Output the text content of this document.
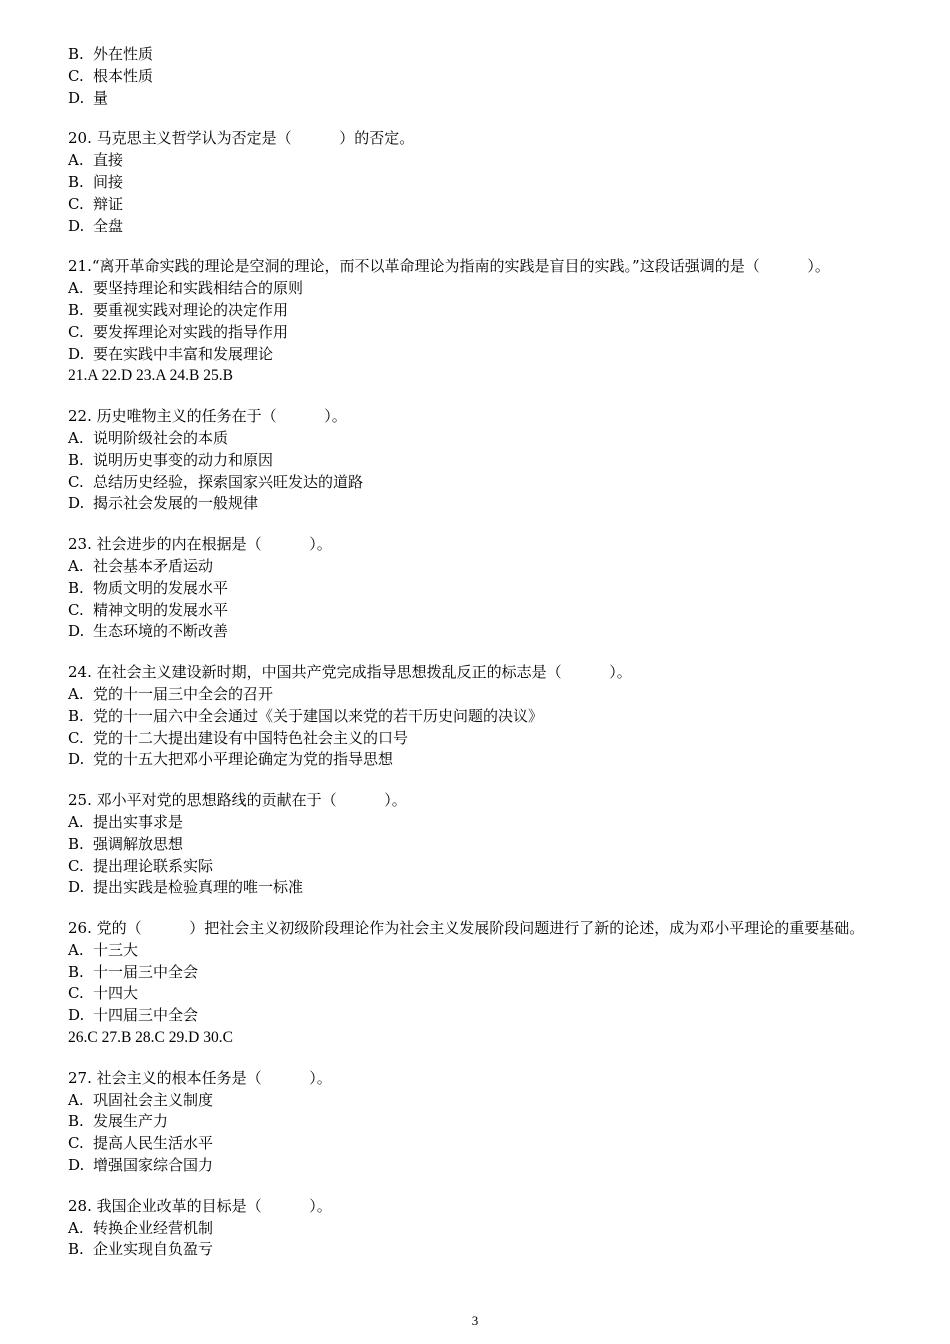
B. 外在性质

C. 根本性质

D. 量

20. 马克思主义哲学认为否定是（          ）的否定。

A. 直接

B. 间接

C. 辩证

D. 全盘

21.“离开革命实践的理论是空洞的理论，而不以革命理论为指南的实践是盲目的实践。”这段话强调的是（          ）。

A. 要坚持理论和实践相结合的原则

B. 要重视实践对理论的决定作用

C. 要发挥理论对实践的指导作用

D. 要在实践中丰富和发展理论

21.A 22.D 23.A 24.B 25.B

22. 历史唯物主义的任务在于（          ）。

A. 说明阶级社会的本质

B. 说明历史事变的动力和原因

C. 总结历史经验，探索国家兴旺发达的道路

D. 揭示社会发展的一般规律

23. 社会进步的内在根据是（          ）。

A. 社会基本矛盾运动

B. 物质文明的发展水平

C. 精神文明的发展水平

D. 生态环境的不断改善

24. 在社会主义建设新时期，中国共产党完成指导思想拨乱反正的标志是（          ）。

A. 党的十一届三中全会的召开

B. 党的十一届六中全会通过《关于建国以来党的若干历史问题的决议》

C. 党的十二大提出建设有中国特色社会主义的口号

D. 党的十五大把邓小平理论确定为党的指导思想

25. 邓小平对党的思想路线的贡献在于（          ）。

A. 提出实事求是

B. 强调解放思想

C. 提出理论联系实际

D. 提出实践是检验真理的唯一标准

26. 党的（          ）把社会主义初级阶段理论作为社会主义发展阶段问题进行了新的论述，成为邓小平理论的重要基础。

A. 十三大

B. 十一届三中全会

C. 十四大

D. 十四届三中全会

26.C 27.B 28.C 29.D 30.C

27. 社会主义的根本任务是（          ）。

A. 巩固社会主义制度

B. 发展生产力

C. 提高人民生活水平

D. 增强国家综合国力

28. 我国企业改革的目标是（          ）。

A. 转换企业经营机制

B. 企业实现自负盈亏

3
